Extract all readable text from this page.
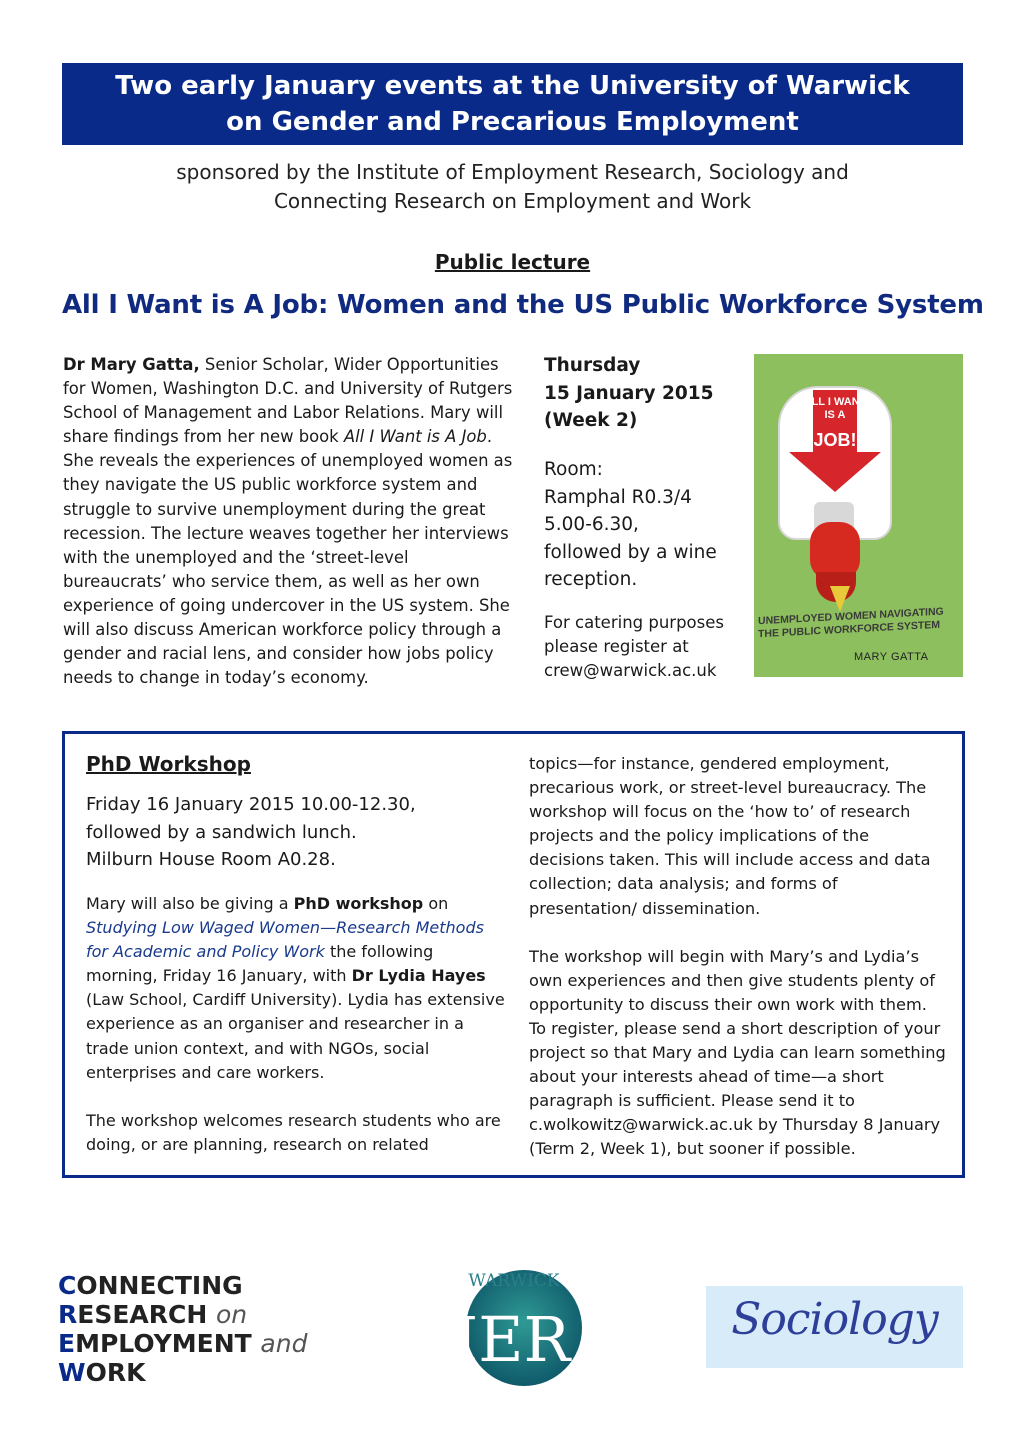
Two early January events at the University of Warwick
on Gender and Precarious Employment
sponsored by the Institute of Employment Research, Sociology and
Connecting Research on Employment and Work
Public lecture
All I Want is A Job: Women and the US Public Workforce System
Dr Mary Gatta, Senior Scholar, Wider Opportunities for Women, Washington D.C. and University of Rutgers School of Management and Labor Relations. Mary will share findings from her new book All I Want is A Job. She reveals the experiences of unemployed women as they navigate the US public workforce system and struggle to survive unemployment during the great recession. The lecture weaves together her interviews with the unemployed and the ‘street-level bureaucrats’ who service them, as well as her own experience of going undercover in the US system. She will also discuss American workforce policy through a gender and racial lens, and consider how jobs policy needs to change in today’s economy.
Thursday
15 January 2015
(Week 2)
Room:
Ramphal R0.3/4
5.00-6.30,
followed by a wine reception.
For catering purposes please register at crew@warwick.ac.uk
ALL I WANT
IS A
JOB!
UNEMPLOYED WOMEN NAVIGATING THE PUBLIC WORKFORCE SYSTEM
MARY GATTA
PhD Workshop
Friday 16 January 2015 10.00-12.30,
followed by a sandwich lunch.
Milburn House Room A0.28.

Mary will also be giving a PhD workshop on Studying Low Waged Women—Research Methods for Academic and Policy Work the following morning, Friday 16 January, with Dr Lydia Hayes (Law School, Cardiff University). Lydia has extensive experience as an organiser and researcher in a trade union context, and with NGOs, social enterprises and care workers.

The workshop welcomes research students who are doing, or are planning, research on related

topics—for instance, gendered employment, precarious work, or street-level bureaucracy. The workshop will focus on the ‘how to’ of research projects and the policy implications of the decisions taken. This will include access and data collection; data analysis; and forms of presentation/ dissemination.

The workshop will begin with Mary’s and Lydia’s own experiences and then give students plenty of opportunity to discuss their own work with them. To register, please send a short description of your project so that Mary and Lydia can learn something about your interests ahead of time—a short paragraph is sufficient. Please send it to c.wolkowitz@warwick.ac.uk by Thursday 8 January (Term 2, Week 1), but sooner if possible.

CONNECTING
RESEARCH on
EMPLOYMENT and
WORK
WARWICK
IER	Sociology
